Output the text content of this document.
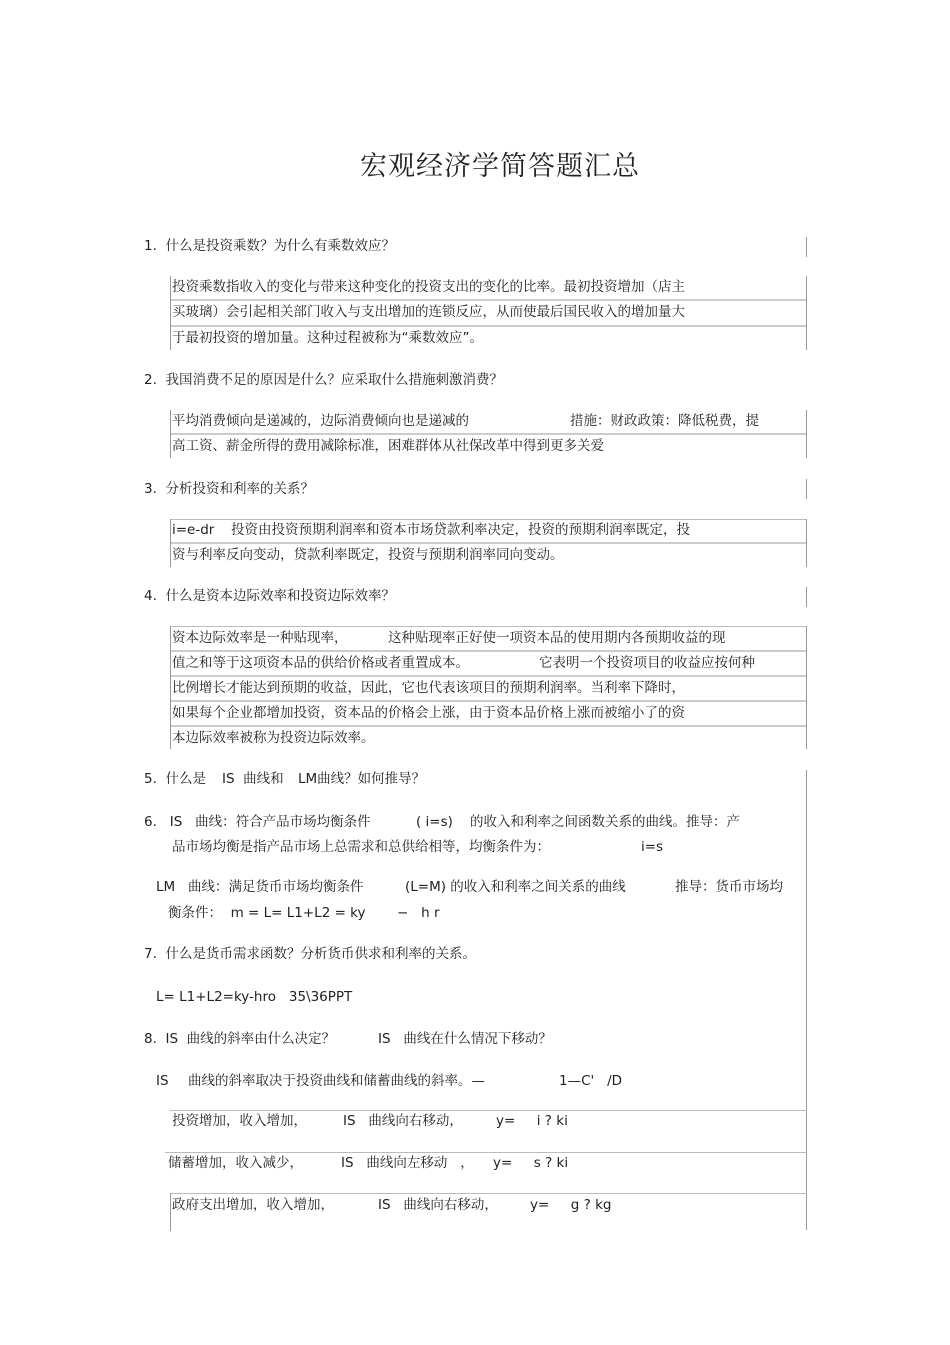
宏观经济学简答题汇总
1.  什么是投资乘数？为什么有乘数效应？
投资乘数指收入的变化与带来这种变化的投资支出的变化的比率。最初投资增加（店主
买玻璃）会引起相关部门收入与支出增加的连锁反应，从而使最后国民收入的增加量大
于最初投资的增加量。这种过程被称为“乘数效应”。
2.  我国消费不足的原因是什么？应采取什么措施刺激消费？
平均消费倾向是递减的，边际消费倾向也是递减的	措施：财政政策：降低税费，提
高工资、薪金所得的费用减除标准，困难群体从社保改革中得到更多关爱
3.  分析投资和利率的关系？
i=e-dr 投资由投资预期利润率和资本市场贷款利率决定，投资的预期利润率既定，投
资与利率反向变动，贷款利率既定，投资与预期利润率同向变动。
4.  什么是资本边际效率和投资边际效率？
资本边际效率是一种贴现率，	这种贴现率正好使一项资本品的使用期内各预期收益的现
值之和等于这项资本品的供给价格或者重置成本。	它表明一个投资项目的收益应按何种
比例增长才能达到预期的收益，因此，它也代表该项目的预期利润率。当利率下降时，
如果每个企业都增加投资，资本品的价格会上涨，由于资本品价格上涨而被缩小了的资
本边际效率被称为投资边际效率。
5.  什么是 IS  曲线和 LM曲线？如何推导？
6.   IS   曲线：符合产品市场均衡条件	( i=s) 的收入和利率之间函数关系的曲线。推导：产
品市场均衡是指产品市场上总需求和总供给相等，均衡条件为：	i=s
LM   曲线：满足货币市场均衡条件	(L=M) 的收入和利率之间关系的曲线	推导：货币市场均
衡条件：  m = L= L1+L2 = ky −   h r
7.  什么是货币需求函数？分析货币供求和利率的关系。
L= L1+L2=ky-hro   35\36PPT
8.  IS  曲线的斜率由什么决定？	IS   曲线在什么情况下移动？
IS 曲线的斜率取决于投资曲线和储蓄曲线的斜率。—	1—C'   /D
投资增加，收入增加，	IS   曲线向右移动， y=     i ? ki
储蓄增加，收入减少，	IS   曲线向左移动   ， y=     s ? ki
政府支出增加，收入增加，	IS   曲线向右移动， y=     g ? kg
